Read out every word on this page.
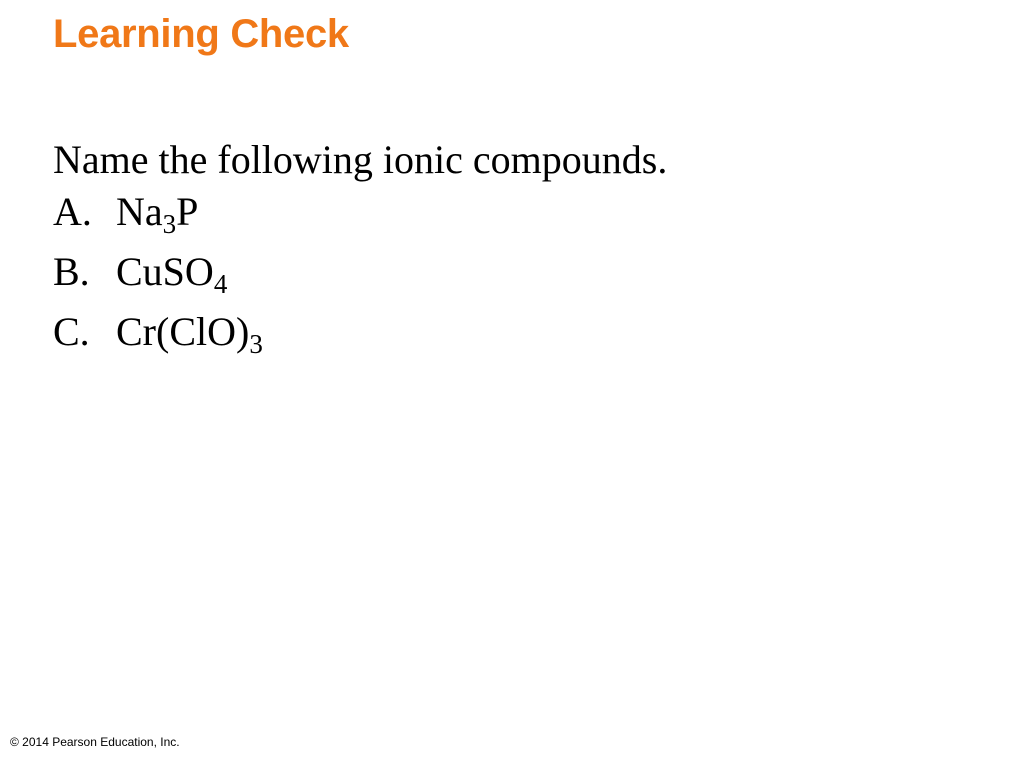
Learning Check
Name the following ionic compounds.
A. $Na_3P$
B. CuSO$_4$
C. $Cr(ClO)_3$
© 2014 Pearson Education, Inc.
